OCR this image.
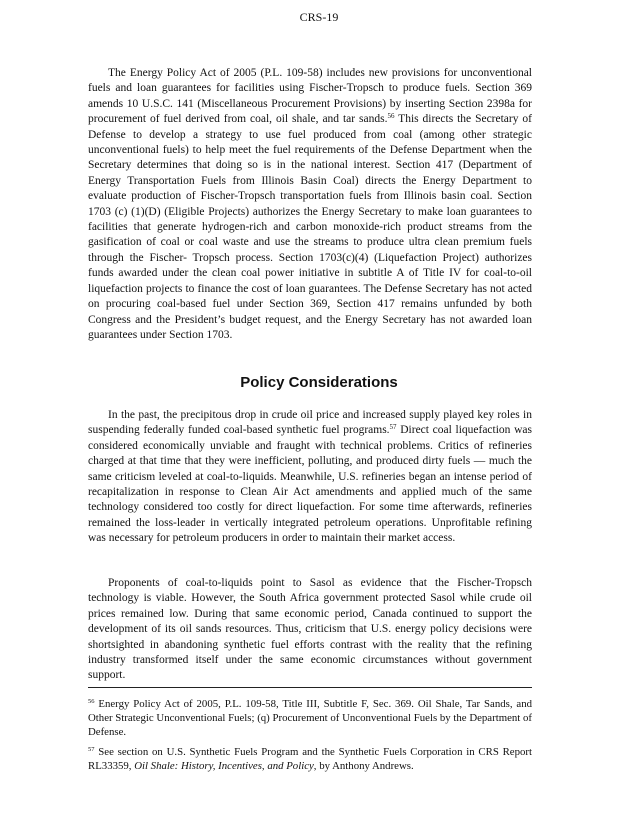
CRS-19

The Energy Policy Act of 2005 (P.L. 109-58) includes new provisions for unconventional fuels and loan guarantees for facilities using Fischer-Tropsch to produce fuels. Section 369 amends 10 U.S.C. 141 (Miscellaneous Procurement Provisions) by inserting Section 2398a for procurement of fuel derived from coal, oil shale, and tar sands.$^{56}$ This directs the Secretary of Defense to develop a strategy to use fuel produced from coal (among other strategic unconventional fuels) to help meet the fuel requirements of the Defense Department when the Secretary determines that doing so is in the national interest. Section 417 (Department of Energy Transportation Fuels from Illinois Basin Coal) directs the Energy Department to evaluate production of Fischer-Tropsch transportation fuels from Illinois basin coal. Section 1703 (c) (1)(D) (Eligible Projects) authorizes the Energy Secretary to make loan guarantees to facilities that generate hydrogen-rich and carbon monoxide-rich product streams from the gasification of coal or coal waste and use the streams to produce ultra clean premium fuels through the Fischer- Tropsch process. Section 1703(c)(4) (Liquefaction Project) authorizes funds awarded under the clean coal power initiative in subtitle A of Title IV for coal-to-oil liquefaction projects to finance the cost of loan guarantees. The Defense Secretary has not acted on procuring coal-based fuel under Section 369, Section 417 remains unfunded by both Congress and the President’s budget request, and the Energy Secretary has not awarded loan guarantees under Section 1703.

Policy Considerations

In the past, the precipitous drop in crude oil price and increased supply played key roles in suspending federally funded coal-based synthetic fuel programs.$^{57}$ Direct coal liquefaction was considered economically unviable and fraught with technical problems. Critics of refineries charged at that time that they were inefficient, polluting, and produced dirty fuels — much the same criticism leveled at coal-to-liquids. Meanwhile, U.S. refineries began an intense period of recapitalization in response to Clean Air Act amendments and applied much of the same technology considered too costly for direct liquefaction. For some time afterwards, refineries remained the loss-leader in vertically integrated petroleum operations. Unprofitable refining was necessary for petroleum producers in order to maintain their market access.

Proponents of coal-to-liquids point to Sasol as evidence that the Fischer-Tropsch technology is viable. However, the South Africa government protected Sasol while crude oil prices remained low. During that same economic period, Canada continued to support the development of its oil sands resources. Thus, criticism that U.S. energy policy decisions were shortsighted in abandoning synthetic fuel efforts contrast with the reality that the refining industry transformed itself under the same economic circumstances without government support.

$^{56}$ Energy Policy Act of 2005, P.L. 109-58, Title III, Subtitle F, Sec. 369. Oil Shale, Tar Sands, and Other Strategic Unconventional Fuels; (q) Procurement of Unconventional Fuels by the Department of Defense.

$^{57}$ See section on U.S. Synthetic Fuels Program and the Synthetic Fuels Corporation in CRS Report RL33359, Oil Shale: History, Incentives, and Policy, by Anthony Andrews.
